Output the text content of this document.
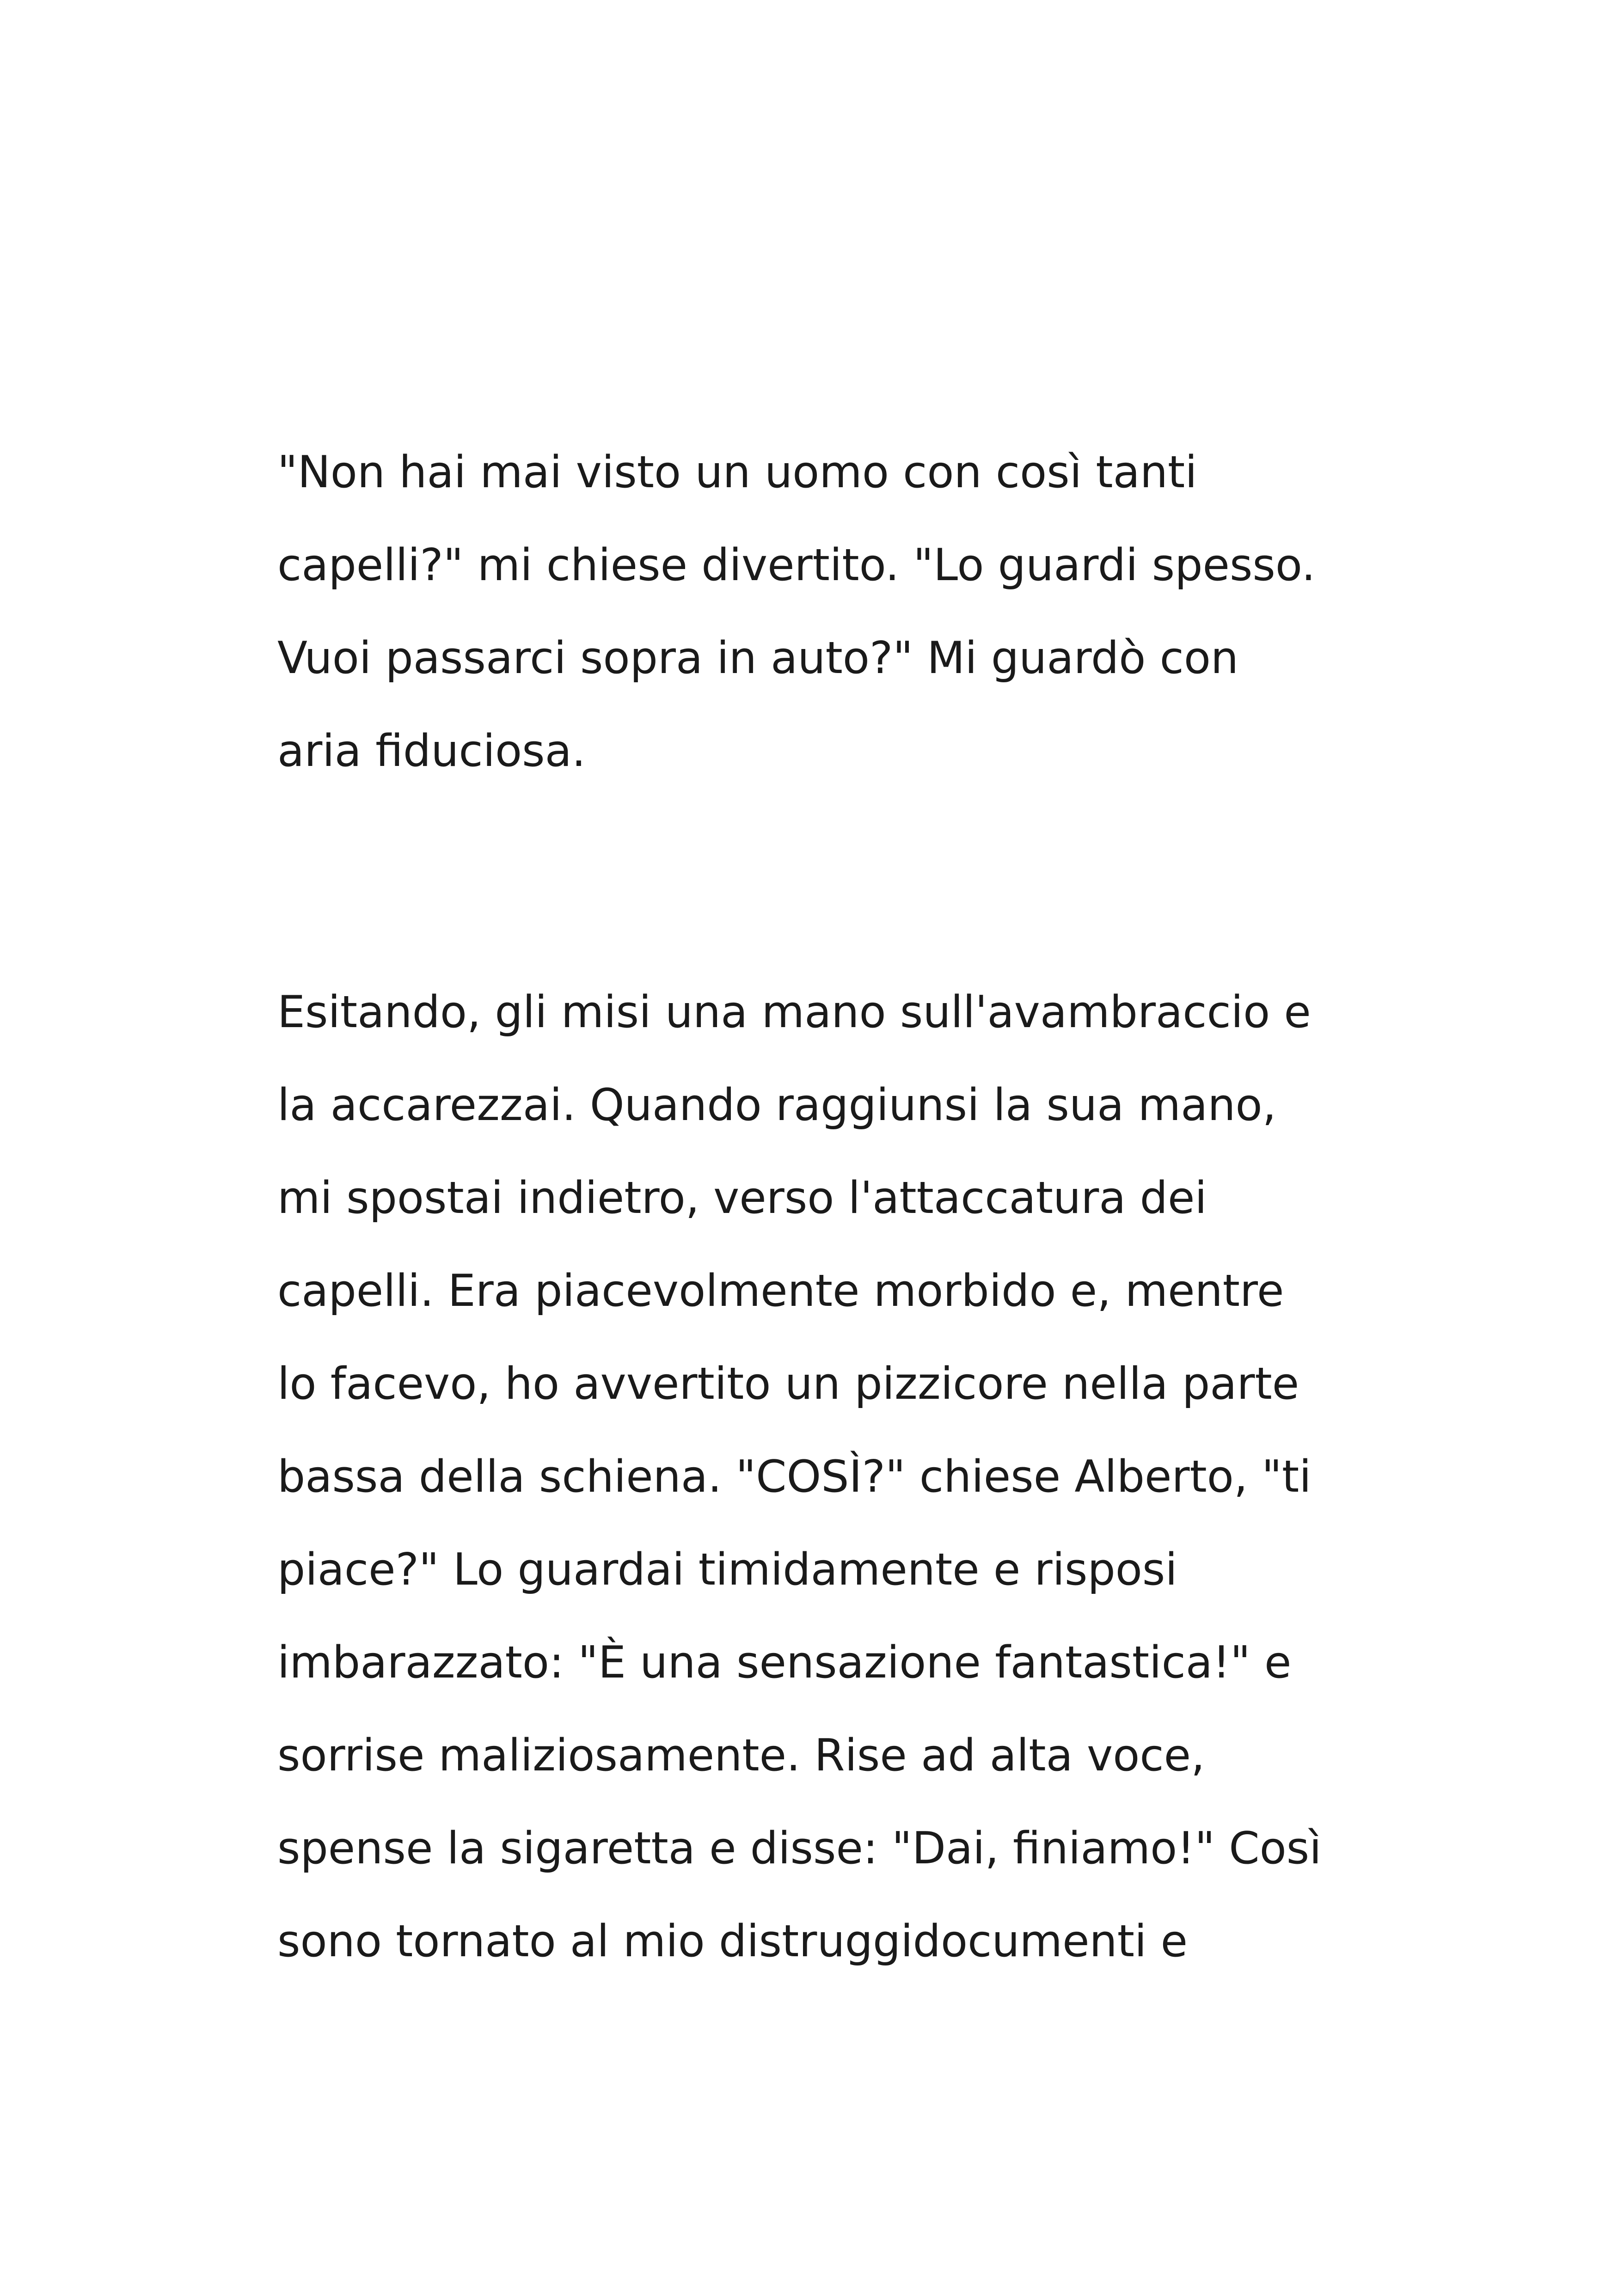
"Non hai mai visto un uomo con così tanti
capelli?" mi chiese divertito. "Lo guardi spesso.
Vuoi passarci sopra in auto?" Mi guardò con
aria fiduciosa.
Esitando, gli misi una mano sull'avambraccio e
la accarezzai. Quando raggiunsi la sua mano,
mi spostai indietro, verso l'attaccatura dei
capelli. Era piacevolmente morbido e, mentre
lo facevo, ho avvertito un pizzicore nella parte
bassa della schiena. "COSÌ?" chiese Alberto, "ti
piace?" Lo guardai timidamente e risposi
imbarazzato: "È una sensazione fantastica!" e
sorrise maliziosamente. Rise ad alta voce,
spense la sigaretta e disse: "Dai, finiamo!" Così
sono tornato al mio distruggidocumenti e
